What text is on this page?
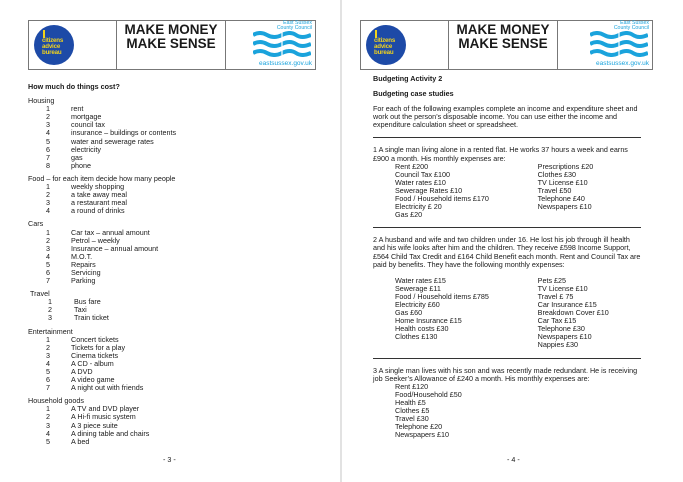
citizens
advice
bureau
MAKE MONEY
MAKE SENSE
East Sussex
County Council
eastsussex.gov.uk
How much do things cost?
Housing
1	rent
2	mortgage
3	council tax
4	insurance – buildings or contents
5	water and sewerage rates
6	electricity
7	gas
8	phone
Food – for each item decide how many people
1	weekly shopping
2	a take away meal
3	a restaurant meal
4	a round of drinks
Cars
1	Car tax – annual amount
2	Petrol – weekly
3	Insurance – annual amount
4	M.O.T.
5	Repairs
6	Servicing
7	Parking
Travel
1	Bus fare
2	Taxi
3	Train ticket
Entertainment
1	Concert tickets
2	Tickets for a play
3	Cinema tickets
4	A CD - album
5	A DVD
6	A video game
7	A night out with friends
Household goods
1	A TV and DVD player
2	A Hi-fi music system
3	A 3 piece suite
4	A dining table and chairs
5	A bed
- 3 -
citizens
advice
bureau
MAKE MONEY
MAKE SENSE
East Sussex
County Council
eastsussex.gov.uk
Budgeting Activity 2
Budgeting case studies
For each of the following examples complete an income and expenditure sheet and work out the person’s disposable income. You can use either the income and expenditure calculation sheet or spreadsheet.
1 A single man living alone in a rented flat. He works 37 hours a week and earns £900 a month. His monthly expenses are:
Rent £200
Council Tax £100
Water rates £10
Sewerage Rates £10
Food / Household items £170
Electricity £ 20
Gas £20
Prescriptions £20
Clothes £30
TV License £10
Travel £50
Telephone £40
Newspapers £10
2 A husband and wife and two children under 16. He lost his job through ill health and his wife looks after him and the children. They receive £598 Income Support, £564 Child Tax Credit and £164 Child Benefit each month. Rent and Council Tax are paid by benefits. They have the following monthly expenses:
Water rates £15
Sewerage £11
Food / Household items £785
Electricity £60
Gas £60
Home Insurance £15
Health costs £30
Clothes £130
Pets £25
TV License £10
Travel £ 75
Car Insurance £15
Breakdown Cover £10
Car Tax £15
Telephone £30
Newspapers £10
Nappies £30
3 A single man lives with his son and was recently made redundant. He is receiving job Seeker’s Allowance of £240 a month. His monthly expenses are:
Rent £120
Food/Household £50
Health £5
Clothes £5
Travel £30
Telephone £20
Newspapers £10
- 4 -
